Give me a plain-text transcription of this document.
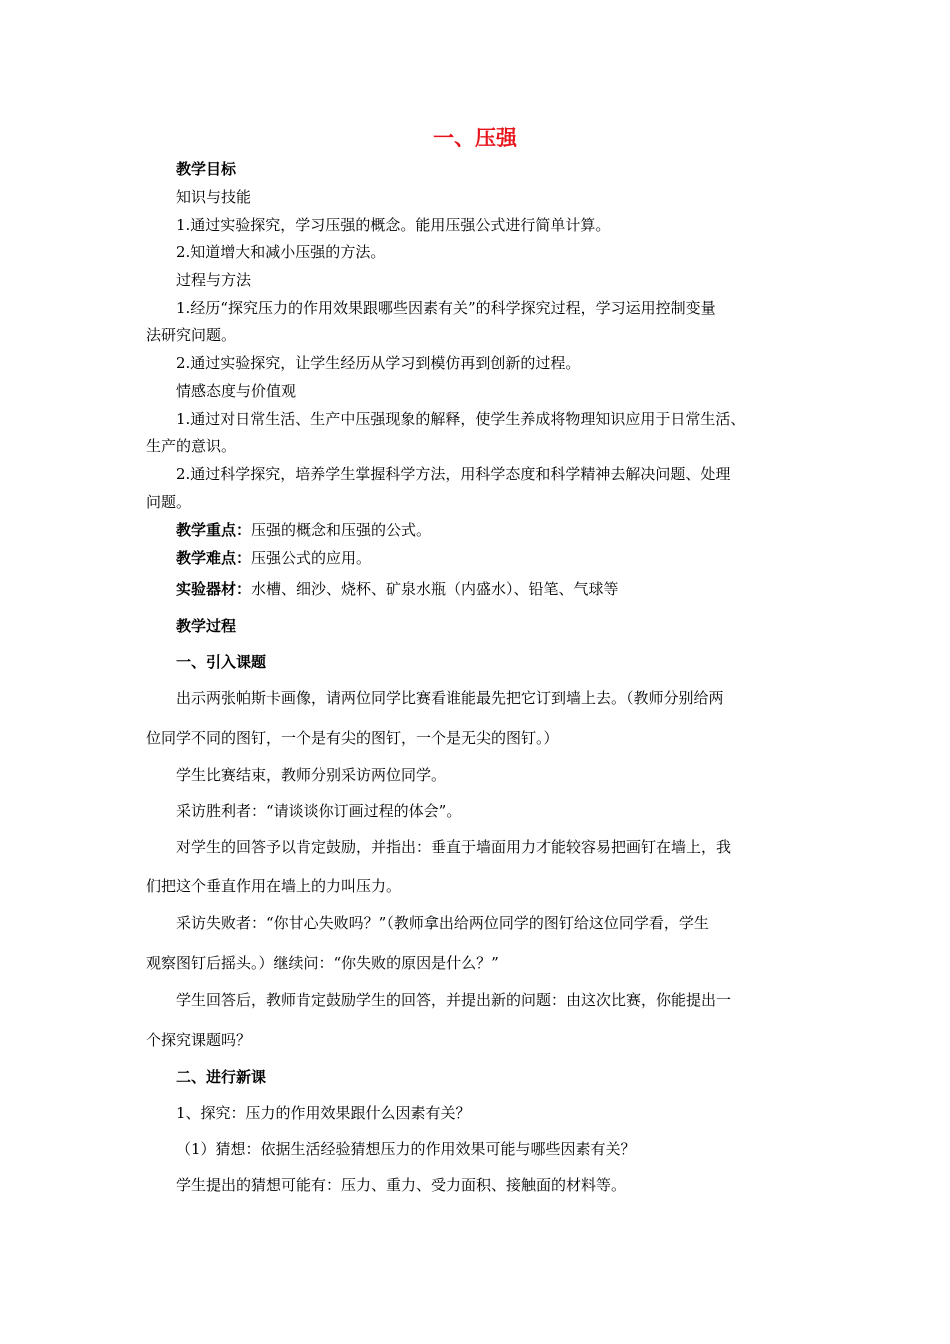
一、压强
教学目标
知识与技能
1.通过实验探究，学习压强的概念。能用压强公式进行简单计算。
2.知道增大和减小压强的方法。
过程与方法
1.经历“探究压力的作用效果跟哪些因素有关”的科学探究过程，学习运用控制变量
法研究问题。
2.通过实验探究，让学生经历从学习到模仿再到创新的过程。
情感态度与价值观
1.通过对日常生活、生产中压强现象的解释，使学生养成将物理知识应用于日常生活、
生产的意识。
2.通过科学探究，培养学生掌握科学方法，用科学态度和科学精神去解决问题、处理
问题。
教学重点：压强的概念和压强的公式。
教学难点：压强公式的应用。
实验器材：水槽、细沙、烧杯、矿泉水瓶（内盛水）、铅笔、气球等
教学过程
一、引入课题
出示两张帕斯卡画像，请两位同学比赛看谁能最先把它订到墙上去。（教师分别给两
位同学不同的图钉，一个是有尖的图钉，一个是无尖的图钉。）
学生比赛结束，教师分别采访两位同学。
采访胜利者：“请谈谈你订画过程的体会”。
对学生的回答予以肯定鼓励，并指出：垂直于墙面用力才能较容易把画钉在墙上，我
们把这个垂直作用在墙上的力叫压力。
采访失败者：“你甘心失败吗？”（教师拿出给两位同学的图钉给这位同学看，学生
观察图钉后摇头。）继续问：“你失败的原因是什么？”
学生回答后，教师肯定鼓励学生的回答，并提出新的问题：由这次比赛，你能提出一
个探究课题吗？
二、进行新课
1、探究：压力的作用效果跟什么因素有关？
（1）猜想：依据生活经验猜想压力的作用效果可能与哪些因素有关？
学生提出的猜想可能有：压力、重力、受力面积、接触面的材料等。
